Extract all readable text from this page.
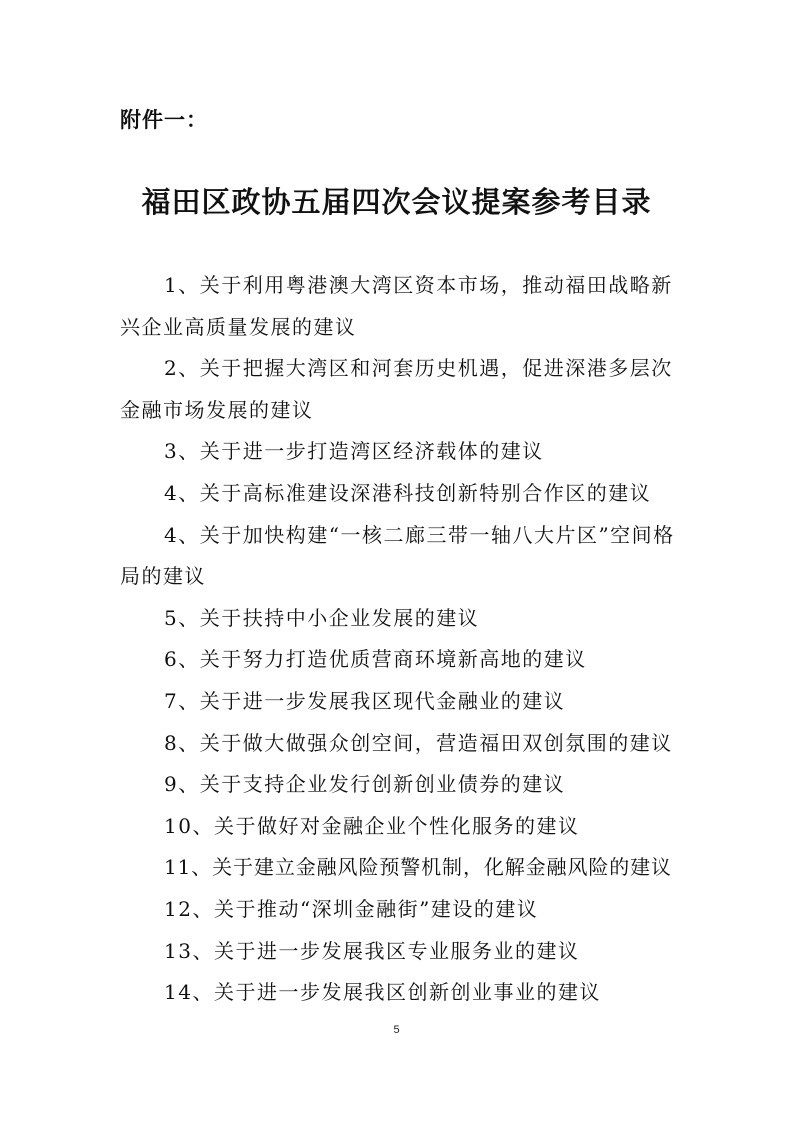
附件一：
福田区政协五届四次会议提案参考目录
1、关于利用粤港澳大湾区资本市场，推动福田战略新兴企业高质量发展的建议
2、关于把握大湾区和河套历史机遇，促进深港多层次金融市场发展的建议
3、关于进一步打造湾区经济载体的建议
4、关于高标准建设深港科技创新特别合作区的建议
4、关于加快构建“一核二廊三带一轴八大片区”空间格局的建议
5、关于扶持中小企业发展的建议
6、关于努力打造优质营商环境新高地的建议
7、关于进一步发展我区现代金融业的建议
8、关于做大做强众创空间，营造福田双创氛围的建议
9、关于支持企业发行创新创业债券的建议
10、关于做好对金融企业个性化服务的建议
11、关于建立金融风险预警机制，化解金融风险的建议
12、关于推动“深圳金融街”建设的建议
13、关于进一步发展我区专业服务业的建议
14、关于进一步发展我区创新创业事业的建议
5
